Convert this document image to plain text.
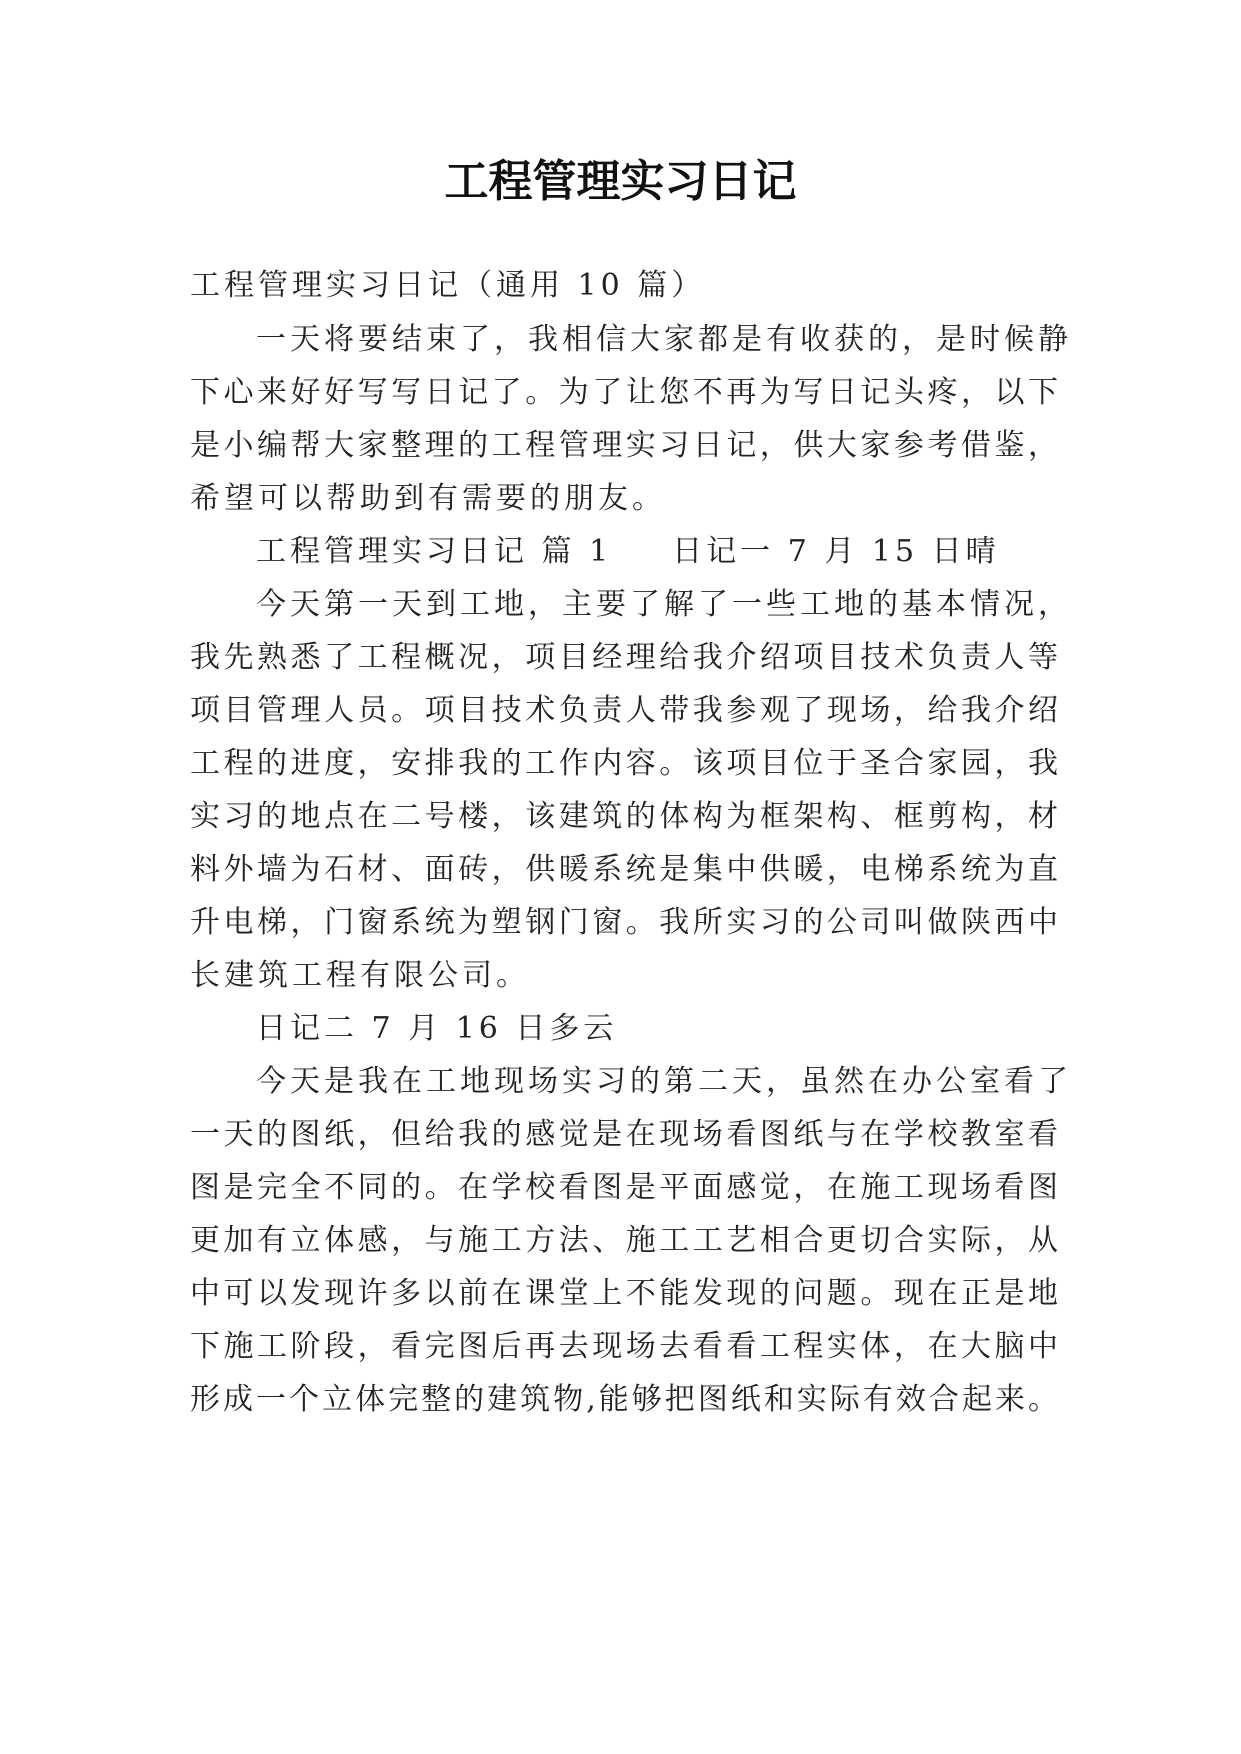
工程管理实习日记
工程管理实习日记（通用 10 篇）
一天将要结束了，我相信大家都是有收获的，是时候静
下心来好好写写日记了。为了让您不再为写日记头疼，以下
是小编帮大家整理的工程管理实习日记，供大家参考借鉴，
希望可以帮助到有需要的朋友。
工程管理实习日记 篇 1 日记一 7 月 15 日晴
今天第一天到工地，主要了解了一些工地的基本情况，
我先熟悉了工程概况，项目经理给我介绍项目技术负责人等
项目管理人员。项目技术负责人带我参观了现场，给我介绍
工程的进度，安排我的工作内容。该项目位于圣合家园，我
实习的地点在二号楼，该建筑的体构为框架构、框剪构，材
料外墙为石材、面砖，供暖系统是集中供暖，电梯系统为直
升电梯，门窗系统为塑钢门窗。我所实习的公司叫做陕西中
长建筑工程有限公司。
日记二 7 月 16 日多云
今天是我在工地现场实习的第二天，虽然在办公室看了
一天的图纸，但给我的感觉是在现场看图纸与在学校教室看
图是完全不同的。在学校看图是平面感觉，在施工现场看图
更加有立体感，与施工方法、施工工艺相合更切合实际，从
中可以发现许多以前在课堂上不能发现的问题。现在正是地
下施工阶段，看完图后再去现场去看看工程实体，在大脑中
形成一个立体完整的建筑物,能够把图纸和实际有效合起来。
